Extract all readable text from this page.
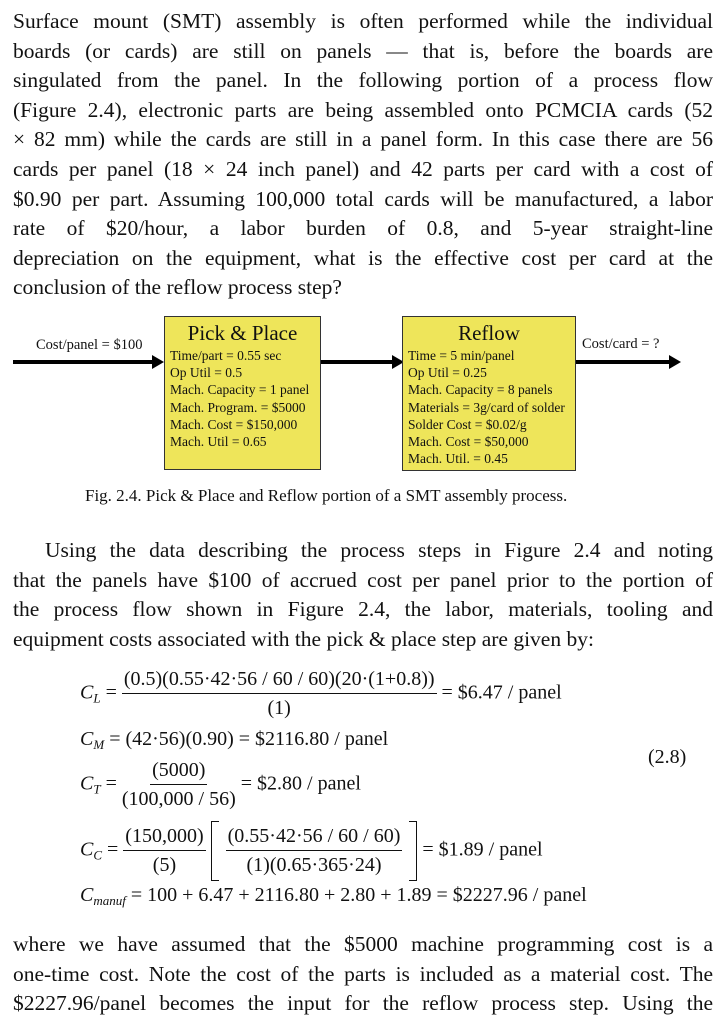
Surface mount (SMT) assembly is often performed while the individual
boards (or cards) are still on panels — that is, before the boards are
singulated from the panel. In the following portion of a process flow
(Figure 2.4), electronic parts are being assembled onto PCMCIA cards (52
× 82 mm) while the cards are still in a panel form. In this case there are 56
cards per panel (18 × 24 inch panel) and 42 parts per card with a cost of
$0.90 per part. Assuming 100,000 total cards will be manufactured, a labor
rate of $20/hour, a labor burden of 0.8, and 5-year straight-line
depreciation on the equipment, what is the effective cost per card at the
conclusion of the reflow process step?
Cost/panel = $100	Pick & Place
Time/part = 0.55 sec
Op Util = 0.5
Mach. Capacity = 1 panel
Mach. Program. = $5000
Mach. Cost = $150,000
Mach. Util = 0.65
Reflow
Time = 5 min/panel
Op Util = 0.25
Mach. Capacity = 8 panels
Materials = 3g/card of solder
Solder Cost = $0.02/g
Mach. Cost = $50,000
Mach. Util. = 0.45
Cost/card = ?
Fig. 2.4. Pick & Place and Reflow portion of a SMT assembly process.
Using the data describing the process steps in Figure 2.4 and noting
that the panels have $100 of accrued cost per panel prior to the portion of
the process flow shown in Figure 2.4, the labor, materials, tooling and
equipment costs associated with the pick & place step are given by:
$C_L = \frac{(0.5)(0.55\cdot 42\cdot 56 / 60 / 60)(20\cdot(1+0.8))}{(1)}$ = $6.47 / panel
$C_M = (42\cdot 56)(0.90)$ = $2116.80 / panel
$C_T = \frac{(5000)}{(100,000 / 56)}$ = $2.80 / panel
$C_C = \frac{(150,000)}{(5)}$
$\frac{(0.55\cdot 42\cdot 56 / 60 / 60)}{(1)(0.65\cdot 365\cdot 24)}$ = $1.89 / panel
$C_{manuf} = 100 + 6.47 + 2116.80 + 2.80 + 1.89$ = $2227.96 / panel
(2.8)
where we have assumed that the $5000 machine programming cost is a
one-time cost. Note the cost of the parts is included as a material cost. The
$2227.96/panel becomes the input for the reflow process step. Using the
